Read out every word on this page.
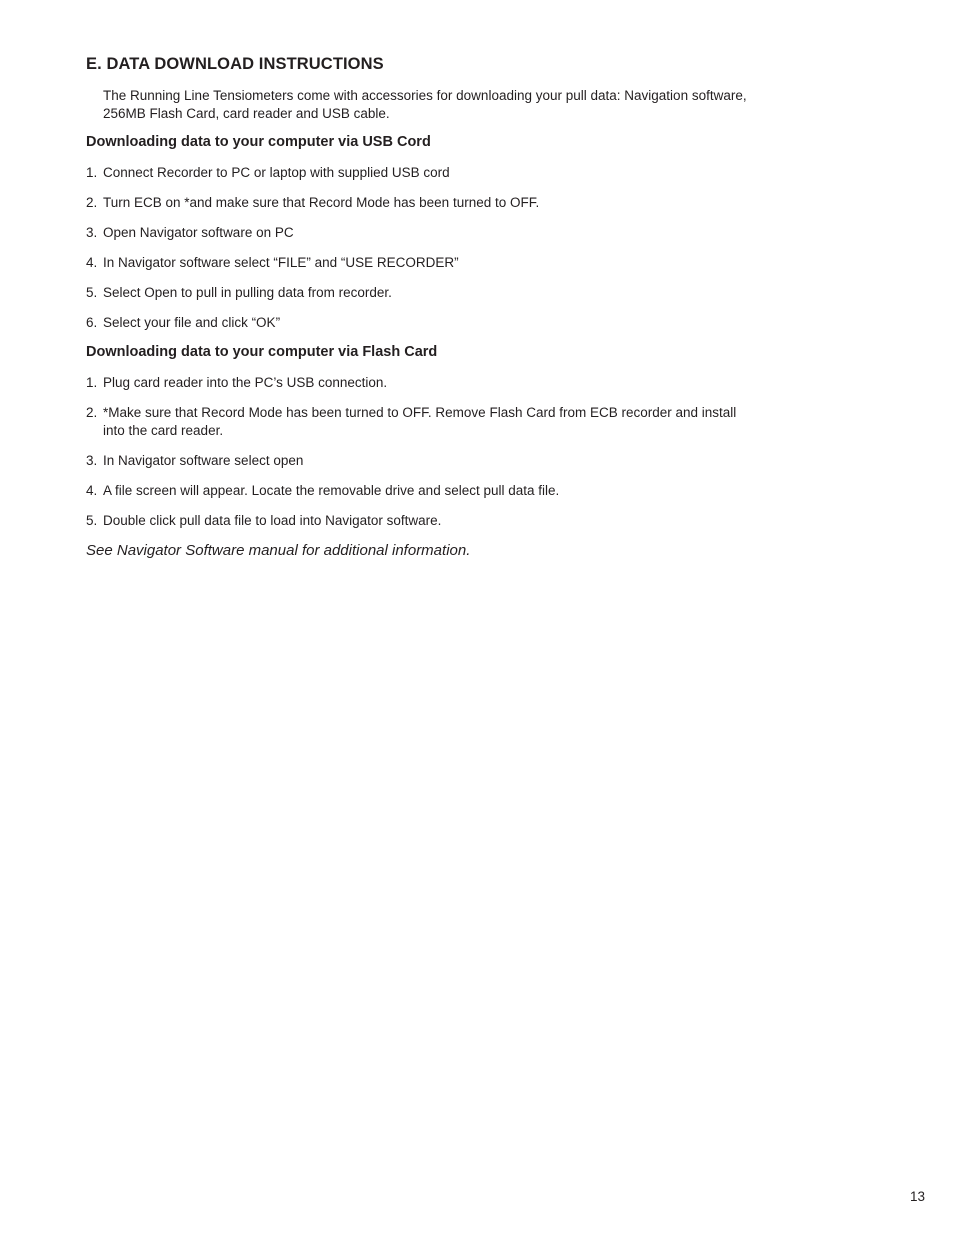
E. DATA DOWNLOAD INSTRUCTIONS
The Running Line Tensiometers come with accessories for downloading your pull data: Navigation software, 256MB Flash Card, card reader and USB cable.
Downloading data to your computer via USB Cord
1. Connect Recorder to PC or laptop with supplied USB cord
2. Turn ECB on *and make sure that Record Mode has been turned to OFF.
3. Open Navigator software on PC
4. In Navigator software select “FILE” and “USE RECORDER”
5. Select Open to pull in pulling data from recorder.
6. Select your file and click “OK”
Downloading data to your computer via Flash Card
1. Plug card reader into the PC’s USB connection.
2. *Make sure that Record Mode has been turned to OFF. Remove Flash Card from ECB recorder and install into the card reader.
3. In Navigator software select open
4. A file screen will appear. Locate the removable drive and select pull data file.
5. Double click pull data file to load into Navigator software.
See Navigator Software manual for additional information.
13
